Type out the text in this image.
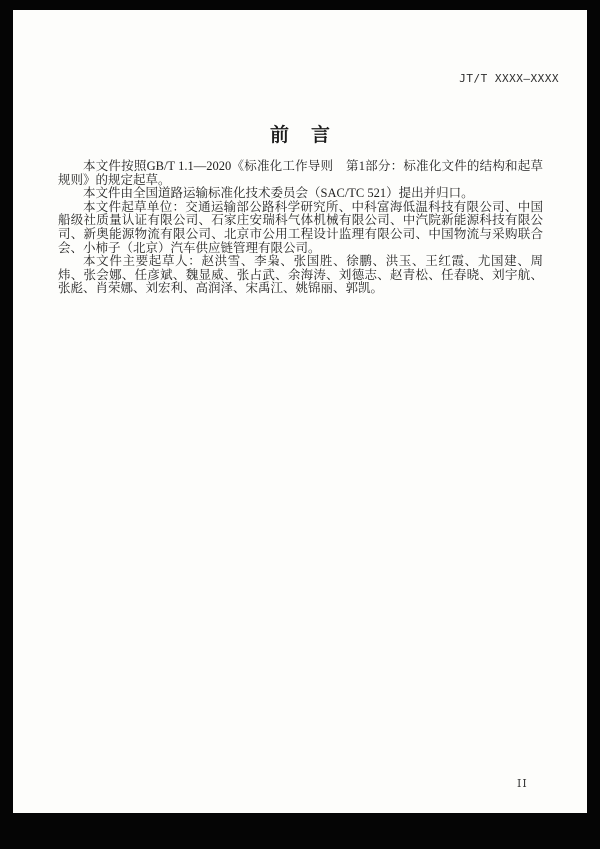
JT/T XXXX—XXXX
前 言

本文件按照GB/T 1.1—2020《标准化工作导则　第1部分：标准化文件的结构和起草规则》的规定起草。

本文件由全国道路运输标准化技术委员会（SAC/TC 521）提出并归口。

本文件起草单位：交通运输部公路科学研究所、中科富海低温科技有限公司、中国船级社质量认证有限公司、石家庄安瑞科气体机械有限公司、中汽院新能源科技有限公司、新奥能源物流有限公司、北京市公用工程设计监理有限公司、中国物流与采购联合会、小柿子（北京）汽车供应链管理有限公司。

本文件主要起草人：赵洪雪、李枭、张国胜、徐鹏、洪玉、王红霞、尤国建、周炜、张会娜、任彦斌、魏显威、张占武、余海涛、刘德志、赵青松、任春晓、刘宇航、张彪、肖荣娜、刘宏利、高润泽、宋禹江、姚锦丽、郭凯。

II
